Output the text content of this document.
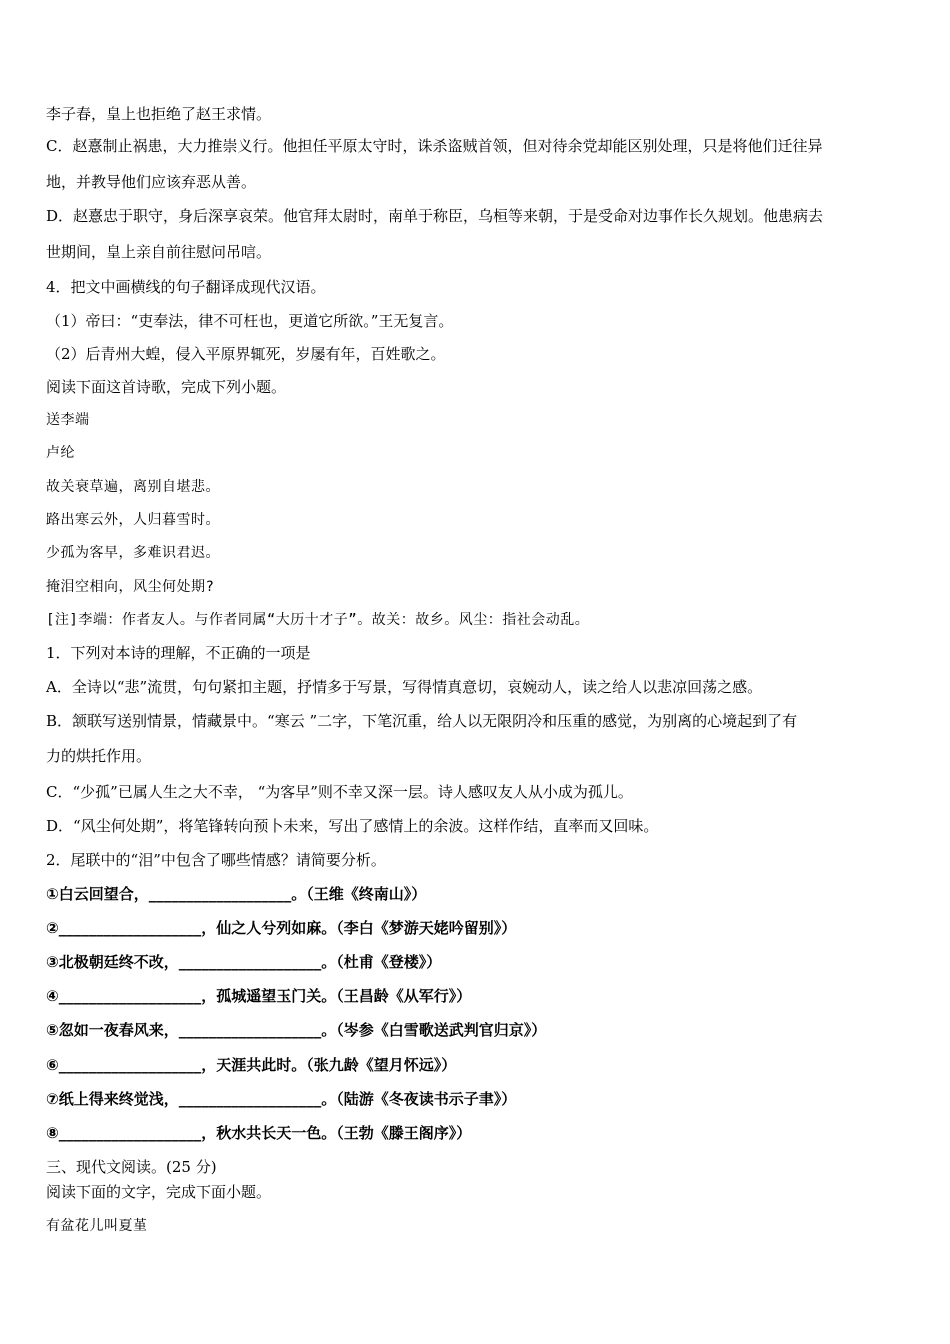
李子春，皇上也拒绝了赵王求情。
C．赵憙制止祸患，大力推崇义行。他担任平原太守时，诛杀盗贼首领，但对待余党却能区别处理，只是将他们迁往异
地，并教导他们应该弃恶从善。
D．赵憙忠于职守，身后深享哀荣。他官拜太尉时，南单于称臣，乌桓等来朝，于是受命对边事作长久规划。他患病去
世期间，皇上亲自前往慰问吊唁。
4．把文中画横线的句子翻译成现代汉语。
（1）帝曰：“吏奉法，律不可枉也，更道它所欲。”王无复言。
（2）后青州大蝗，侵入平原界辄死，岁屡有年，百姓歌之。
阅读下面这首诗歌，完成下列小题。
送李端
卢纶
故关衰草遍，离别自堪悲。
路出寒云外，人归暮雪时。
少孤为客早，多难识君迟。
掩泪空相向，风尘何处期?
[注]李端：作者友人。与作者同属“大历十才子”。故关：故乡。风尘：指社会动乱。
1．下列对本诗的理解，不正确的一项是
A．全诗以“悲”流贯，句句紧扣主题，抒情多于写景，写得情真意切，哀婉动人，读之给人以悲凉回荡之感。
B．颔联写送别情景，情藏景中。“寒云 ”二字，下笔沉重，给人以无限阴冷和压重的感觉，为别离的心境起到了有
力的烘托作用。
C．“少孤”已属人生之大不幸， “为客早”则不幸又深一层。诗人感叹友人从小成为孤儿。
D．“风尘何处期”，将笔锋转向预卜未来，写出了感情上的余波。这样作结，直率而又回味。
2．尾联中的“泪”中包含了哪些情感？请简要分析。
①白云回望合，___________________。（王维《终南山》）
②___________________，仙之人兮列如麻。（李白《梦游天姥吟留别》）
③北极朝廷终不改，___________________。（杜甫《登楼》）
④___________________，孤城遥望玉门关。（王昌龄《从军行》）
⑤忽如一夜春风来，___________________。（岑参《白雪歌送武判官归京》）
⑥___________________，天涯共此时。（张九龄《望月怀远》）
⑦纸上得来终觉浅，___________________。（陆游《冬夜读书示子聿》）
⑧___________________，秋水共长天一色。（王勃《滕王阁序》）
三、现代文阅读。(25 分)
阅读下面的文字，完成下面小题。
有盆花儿叫夏堇
